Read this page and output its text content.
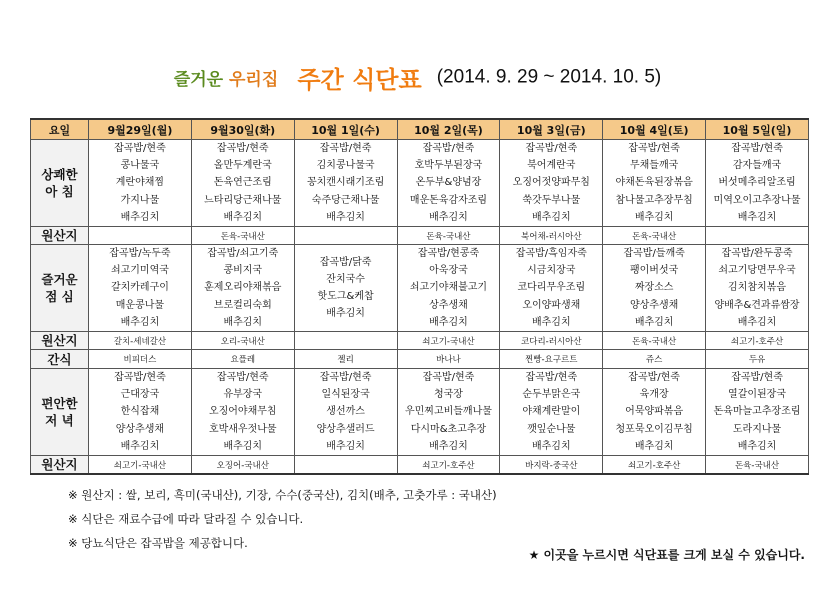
즐거운 우리집 주간 식단표 (2014. 9. 29 ~ 2014. 10. 5)
요일	9월29일(월)	9월30일(화)	10월 1일(수)	10월 2일(목)	10월 3일(금)	10월 4일(토)	10월 5일(일)

상쾌한
아 침	잡곡밥/현죽
콩나물국
계란야채찜
가지나물
배추김치	잡곡밥/현죽
올만두계란국
돈육연근조림
느타리당근채나물
배추김치	잡곡밥/현죽
김치콩나물국
꽁치캔시래기조림
숙주당근채나물
배추김치	잡곡밥/현죽
호박두부된장국
온두부&양념장
매운돈육감자조림
배추김치	잡곡밥/현죽
북어계란국
오징어젓양파무침
쑥갓두부나물
배추김치	잡곡밥/현죽
무채들깨국
야채돈육된장볶음
참나물고추장무침
배추김치	잡곡밥/현죽
감자들깨국
버섯메추리알조림
미역오이고추장나물
배추김치

원산지		돈육-국내산		돈육-국내산	북어채-러시아산	돈육-국내산	

즐거운
점 심	잡곡밥/녹두죽
쇠고기미역국
갈치카레구이
매운콩나물
배추김치	잡곡밥/쇠고기죽
콩비지국
훈제오리야채볶음
브로컬리숙회
배추김치	잡곡밥/닭죽
잔치국수
핫도그&케찹
배추김치	잡곡밥/현콩죽
아욱장국
쇠고기야채불고기
상추생채
배추김치	잡곡밥/흑임자죽
시금치장국
코다리무우조림
오이양파생채
배추김치	잡곡밥/들깨죽
팽이버섯국
짜장소스
양상추생채
배추김치	잡곡밥/완두콩죽
쇠고기당면무우국
김치참치볶음
양배추&견과류쌈장
배추김치

원산지	갈치-세네갈산	오리-국내산		쇠고기-국내산	코다리-러시아산	돈육-국내산	쇠고기-호주산
간식	비피더스	요플레	젤리	바나나	찐빵-요구르트	쥬스	두유

편안한
저 녁	잡곡밥/현죽
근대장국
한식잡채
양상추생채
배추김치	잡곡밥/현죽
유부장국
오징어야채무침
호박새우젓나물
배추김치	잡곡밥/현죽
일식된장국
생선까스
양상추샐러드
배추김치	잡곡밥/현죽
청국장
우민찌고비들깨나물
다시마&초고추장
배추김치	잡곡밥/현죽
순두부맑은국
야채계란말이
깻잎순나물
배추김치	잡곡밥/현죽
육개장
어묵양파볶음
청포묵오이김무침
배추김치	잡곡밥/현죽
열갈이된장국
돈육마늘고추장조림
도라지나물
배추김치

원산지	쇠고기-국내산	오징어-국내산		쇠고기-호주산	바지락-중국산	쇠고기-호주산	돈육-국내산
※ 원산지 : 쌀, 보리, 흑미(국내산), 기장, 수수(중국산), 김치(배추, 고춧가루 : 국내산)
※ 식단은 재료수급에 따라 달라질 수 있습니다.
※ 당뇨식단은 잡곡밥을 제공합니다.
★ 이곳을 누르시면 식단표를 크게 보실 수 있습니다.
